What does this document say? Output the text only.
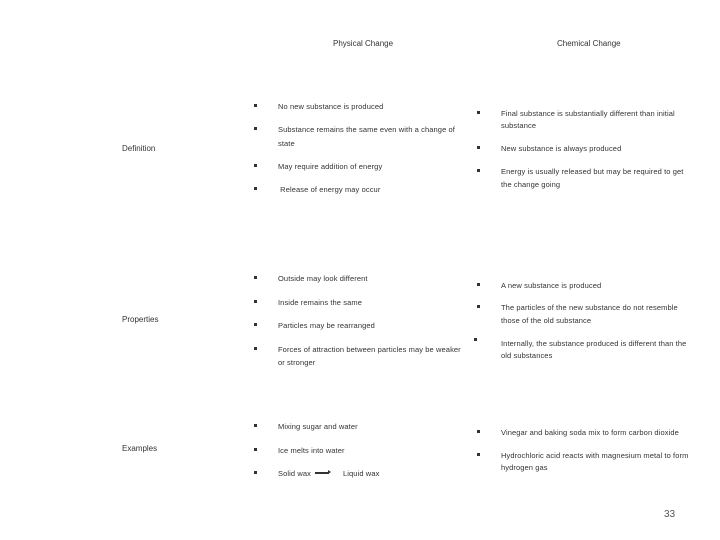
Physical Change	Chemical Change
Definition
Properties
Examples
No new substance is produced
Substance remains the same even with a change of
state
May require addition of energy
Release of energy may occur
Final substance is substantially different than initial
substance
New substance is always produced
Energy is usually released but may be required to get
the change going
Outside may look different
Inside remains the same
Particles may be rearranged
Forces of attraction between particles may be weaker
or stronger
A new substance is produced
The particles of the new substance do not resemble
those of the old substance
Internally, the substance produced is different than the
old substances
Mixing sugar and water
Ice melts into water
Solid wax	Liquid wax
Vinegar and baking soda mix to form carbon dioxide
Hydrochloric acid reacts with magnesium metal to form
hydrogen gas
33
